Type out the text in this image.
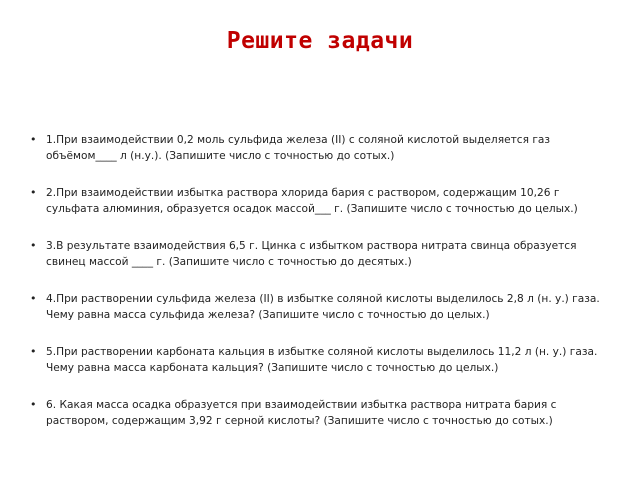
Решите задачи
• 1.При взаимодействии 0,2 моль сульфида железа (II) с соляной кислотой выделяется газ объёмом____ л (н.у.). (Запишите число с точностью до сотых.)
• 2.При взаимодействии избытка раствора хлорида бария с раствором, содержащим 10,26 г сульфата алюминия, образуется осадок массой___ г. (Запишите число с точностью до целых.)
• 3.В результате взаимодействия 6,5 г. Цинка с избытком раствора нитрата свинца образуется свинец массой ____ г. (Запишите число с точностью до десятых.)
• 4.При растворении сульфида железа (II) в избытке соляной кислоты выделилось 2,8 л (н. у.) газа. Чему равна масса сульфида железа? (Запишите число с точностью до целых.)
• 5.При растворении карбоната кальция в избытке соляной кислоты выделилось 11,2 л (н. у.) газа. Чему равна масса карбоната кальция? (Запишите число с точностью до целых.)
• 6. Какая масса осадка образуется при взаимодействии избытка раствора нитрата бария с раствором, содержащим 3,92 г серной кислоты? (Запишите число с точностью до сотых.)
